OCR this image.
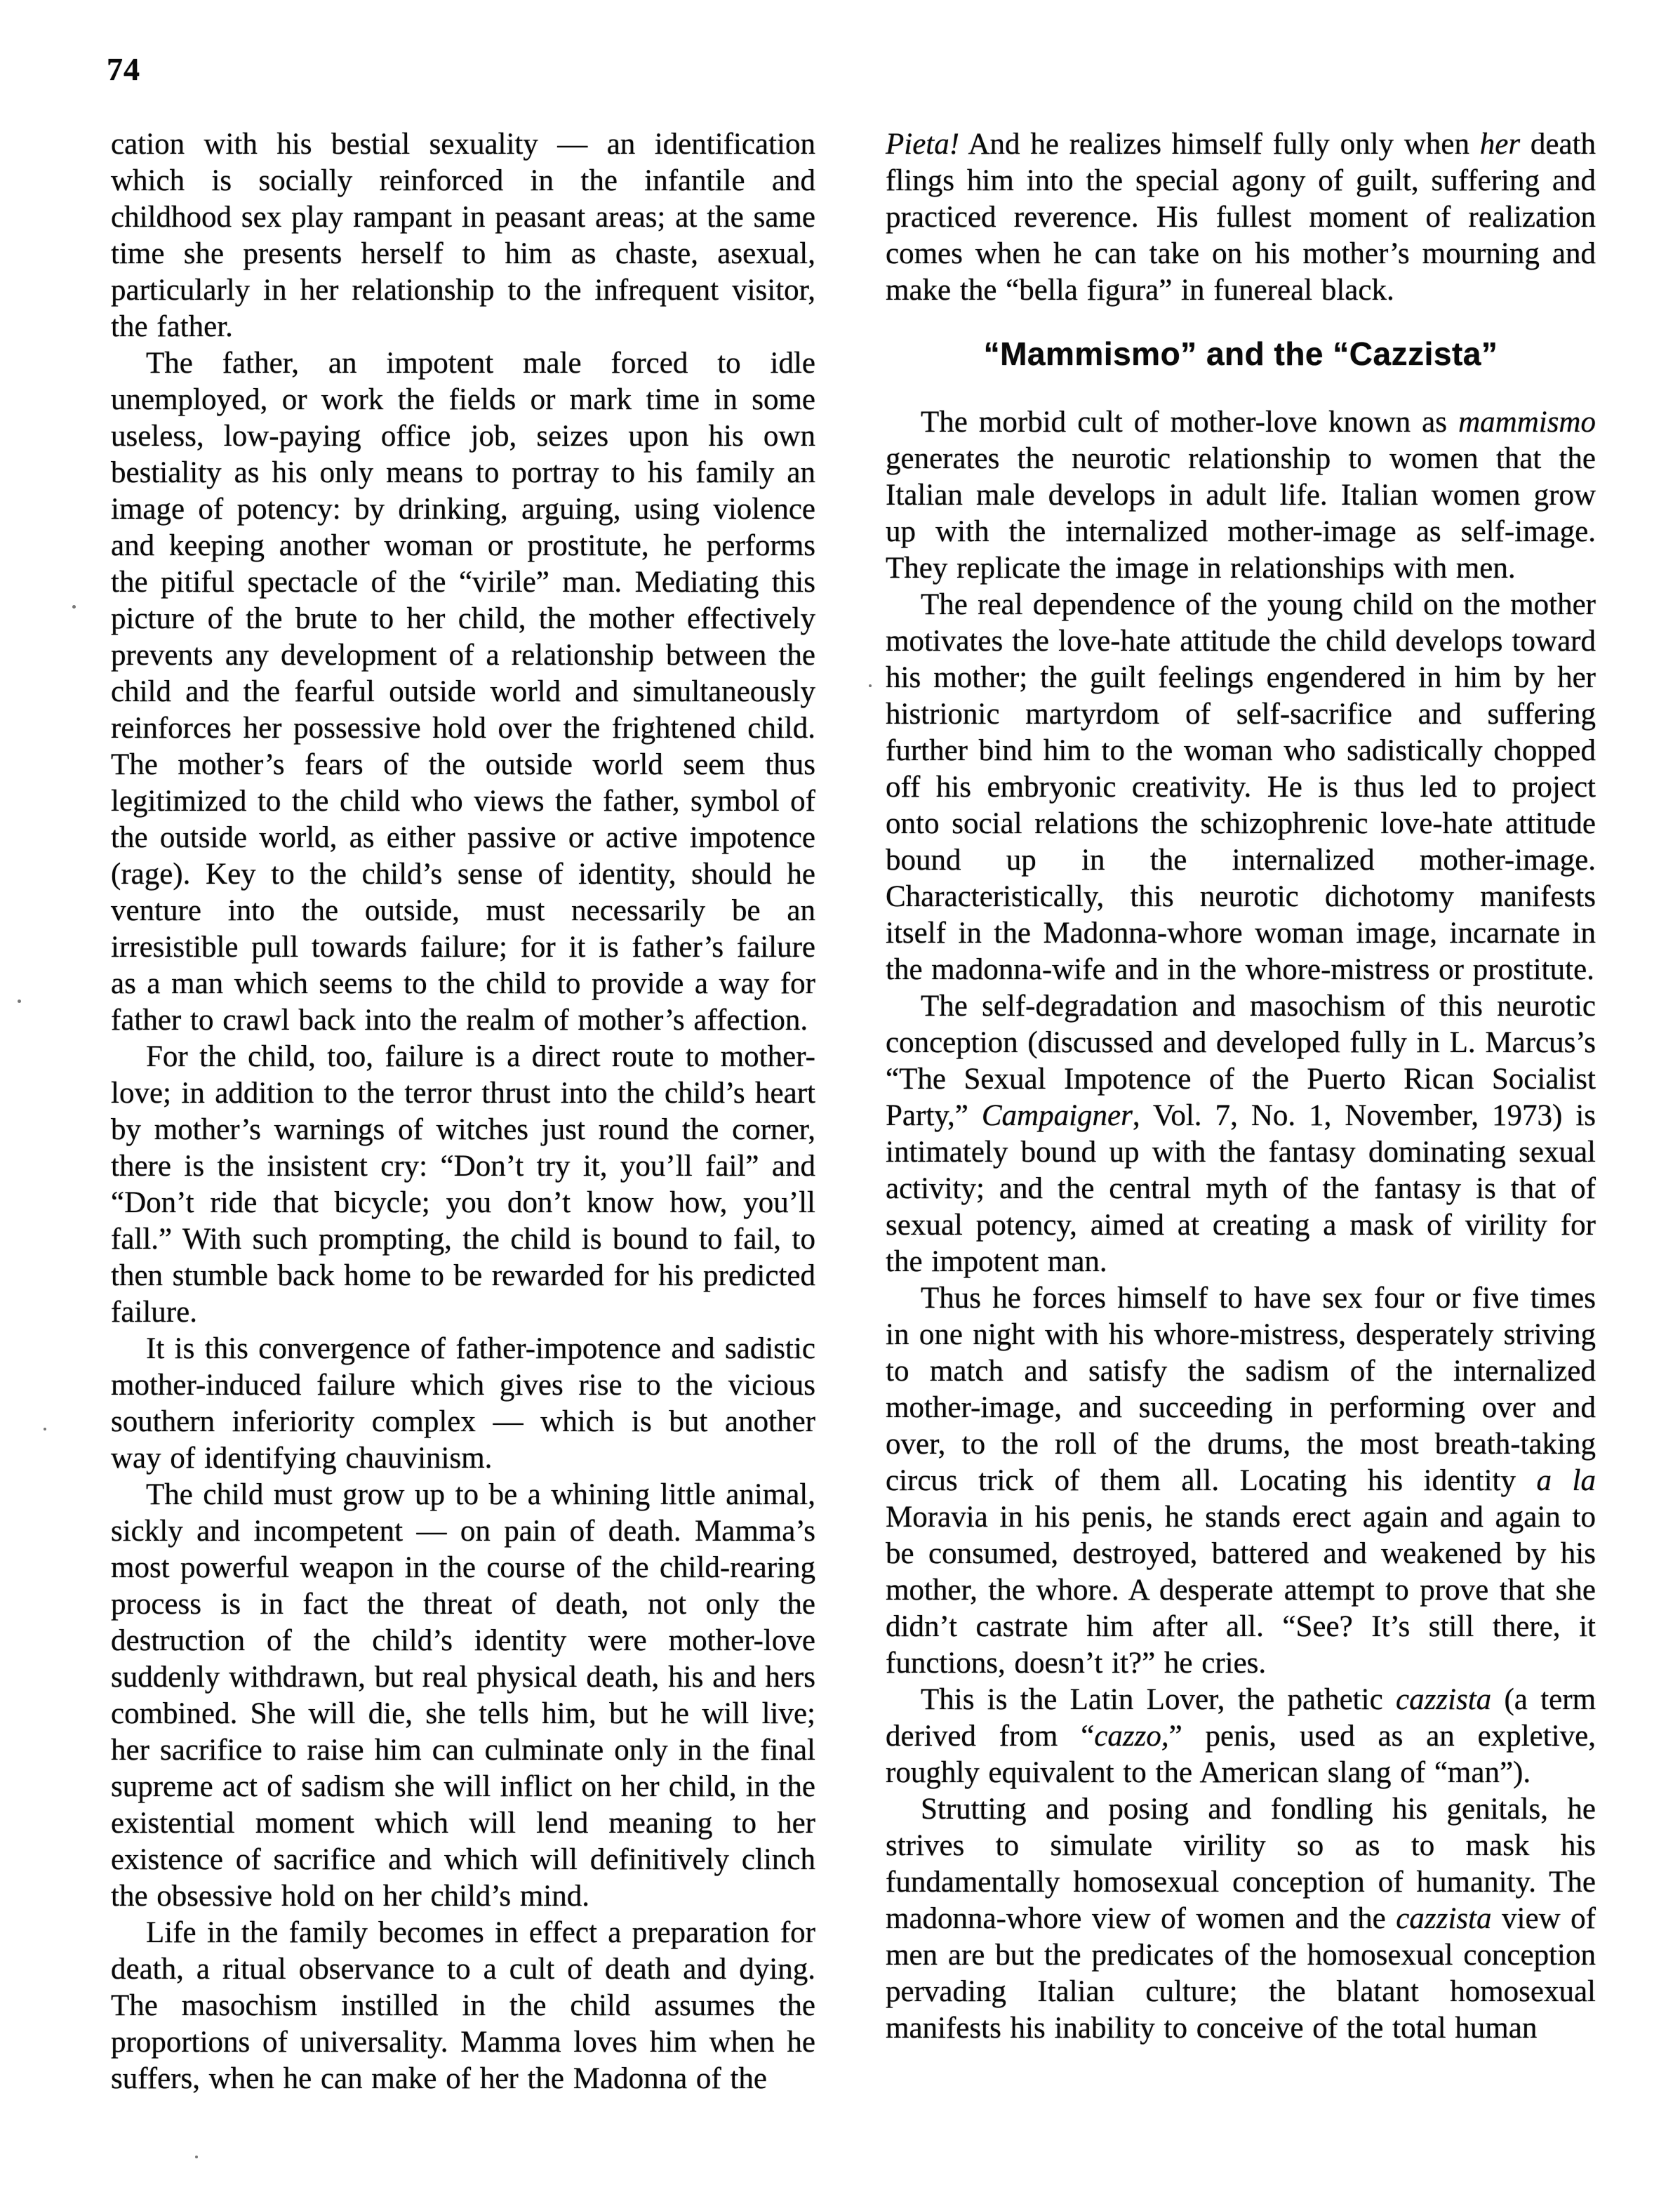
74

cation with his bestial sexuality — an identification which is socially reinforced in the infantile and childhood sex play rampant in peasant areas; at the same time she presents herself to him as chaste, asexual, particularly in her relationship to the infrequent visitor, the father.

The father, an impotent male forced to idle unemployed, or work the fields or mark time in some useless, low-paying office job, seizes upon his own bestiality as his only means to portray to his family an image of potency: by drinking, arguing, using violence and keeping another woman or prostitute, he performs the pitiful spectacle of the “virile” man. Mediating this picture of the brute to her child, the mother effectively prevents any development of a relationship between the child and the fearful outside world and simultaneously reinforces her possessive hold over the frightened child. The mother’s fears of the outside world seem thus legitimized to the child who views the father, symbol of the outside world, as either passive or active impotence (rage). Key to the child’s sense of identity, should he venture into the outside, must necessarily be an irresistible pull towards failure; for it is father’s failure as a man which seems to the child to provide a way for father to crawl back into the realm of mother’s affection.

For the child, too, failure is a direct route to mother-love; in addition to the terror thrust into the child’s heart by mother’s warnings of witches just round the corner, there is the insistent cry: “Don’t try it, you’ll fail” and “Don’t ride that bicycle; you don’t know how, you’ll fall.” With such prompting, the child is bound to fail, to then stumble back home to be rewarded for his predicted failure.

It is this convergence of father-impotence and sadistic mother-induced failure which gives rise to the vicious southern inferiority complex — which is but another way of identifying chauvinism.

The child must grow up to be a whining little animal, sickly and incompetent — on pain of death. Mamma’s most powerful weapon in the course of the child-rearing process is in fact the threat of death, not only the destruction of the child’s identity were mother-love suddenly withdrawn, but real physical death, his and hers combined. She will die, she tells him, but he will live; her sacrifice to raise him can culminate only in the final supreme act of sadism she will inflict on her child, in the existential moment which will lend meaning to her existence of sacrifice and which will definitively clinch the obsessive hold on her child’s mind.

Life in the family becomes in effect a preparation for death, a ritual observance to a cult of death and dying. The masochism instilled in the child assumes the proportions of universality. Mamma loves him when he suffers, when he can make of her the Madonna of the

Pieta! And he realizes himself fully only when her death flings him into the special agony of guilt, suffering and practiced reverence. His fullest moment of realization comes when he can take on his mother’s mourning and make the “bella figura” in funereal black.

“Mammismo” and the “Cazzista”

The morbid cult of mother-love known as mammismo generates the neurotic relationship to women that the Italian male develops in adult life. Italian women grow up with the internalized mother-image as self-image. They replicate the image in relationships with men.

The real dependence of the young child on the mother motivates the love-hate attitude the child develops toward his mother; the guilt feelings engendered in him by her histrionic martyrdom of self-sacrifice and suffering further bind him to the woman who sadistically chopped off his embryonic creativity. He is thus led to project onto social relations the schizophrenic love-hate attitude bound up in the internalized mother-image. Characteristically, this neurotic dichotomy manifests itself in the Madonna-whore woman image, incarnate in the madonna-wife and in the whore-mistress or prostitute.

The self-degradation and masochism of this neurotic conception (discussed and developed fully in L. Marcus’s “The Sexual Impotence of the Puerto Rican Socialist Party,” Campaigner, Vol. 7, No. 1, November, 1973) is intimately bound up with the fantasy dominating sexual activity; and the central myth of the fantasy is that of sexual potency, aimed at creating a mask of virility for the impotent man.

Thus he forces himself to have sex four or five times in one night with his whore-mistress, desperately striving to match and satisfy the sadism of the internalized mother-image, and succeeding in performing over and over, to the roll of the drums, the most breath-taking circus trick of them all. Locating his identity a la Moravia in his penis, he stands erect again and again to be consumed, destroyed, battered and weakened by his mother, the whore. A desperate attempt to prove that she didn’t castrate him after all. “See? It’s still there, it functions, doesn’t it?” he cries.

This is the Latin Lover, the pathetic cazzista (a term derived from “cazzo,” penis, used as an expletive, roughly equivalent to the American slang of “man”).

Strutting and posing and fondling his genitals, he strives to simulate virility so as to mask his fundamentally homosexual conception of humanity. The madonna-whore view of women and the cazzista view of men are but the predicates of the homosexual conception pervading Italian culture; the blatant homosexual manifests his inability to conceive of the total human
